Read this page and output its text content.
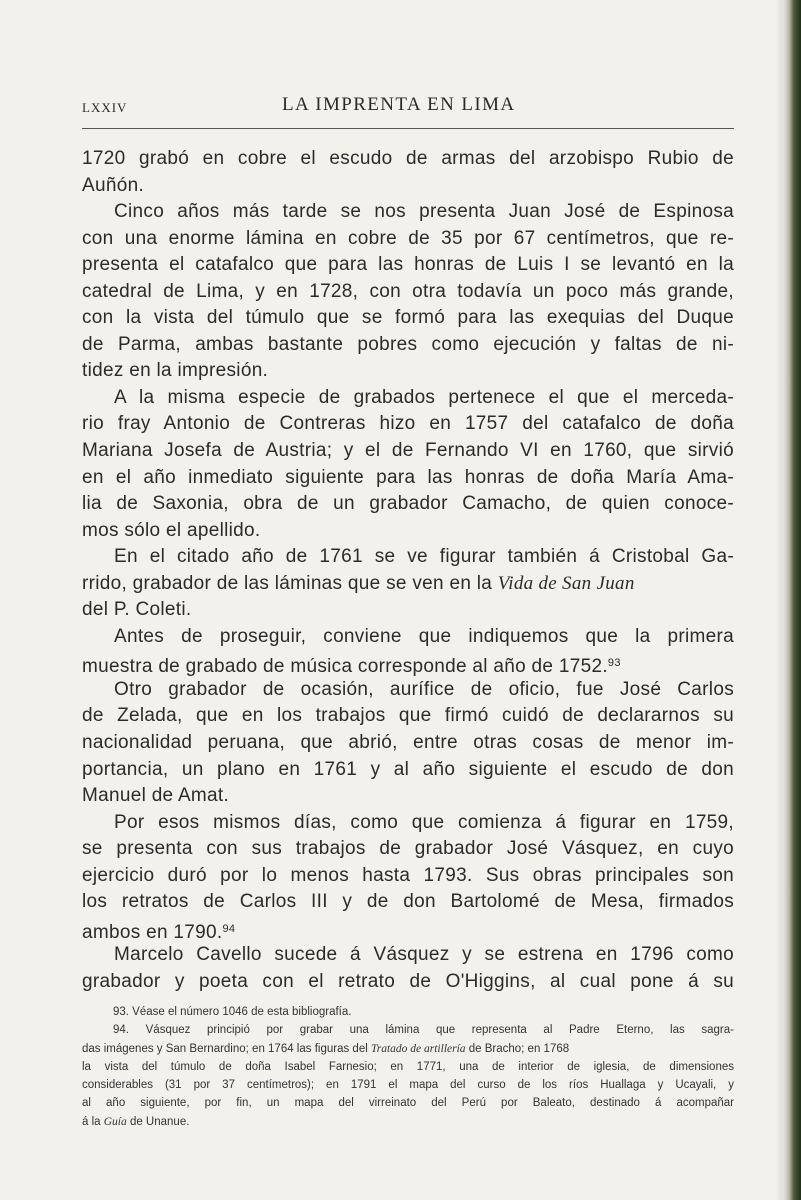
LXXIV	LA IMPRENTA EN LIMA
1720 grabó en cobre el escudo de armas del arzobispo Rubio de
Auñón.
Cinco años más tarde se nos presenta Juan José de Espinosa
con una enorme lámina en cobre de 35 por 67 centímetros, que re-
presenta el catafalco que para las honras de Luis I se levantó en la
catedral de Lima, y en 1728, con otra todavía un poco más grande,
con la vista del túmulo que se formó para las exequias del Duque
de Parma, ambas bastante pobres como ejecución y faltas de ni-
tidez en la impresión.
A la misma especie de grabados pertenece el que el merceda-
rio fray Antonio de Contreras hizo en 1757 del catafalco de doña
Mariana Josefa de Austria; y el de Fernando VI en 1760, que sirvió
en el año inmediato siguiente para las honras de doña María Ama-
lia de Saxonia, obra de un grabador Camacho, de quien conoce-
mos sólo el apellido.
En el citado año de 1761 se ve figurar también á Cristobal Ga-
rrido, grabador de las láminas que se ven en la Vida de San Juan
del P. Coleti.
Antes de proseguir, conviene que indiquemos que la primera
muestra de grabado de música corresponde al año de 1752.93
Otro grabador de ocasión, aurífice de oficio, fue José Carlos
de Zelada, que en los trabajos que firmó cuidó de declararnos su
nacionalidad peruana, que abrió, entre otras cosas de menor im-
portancia, un plano en 1761 y al año siguiente el escudo de don
Manuel de Amat.
Por esos mismos días, como que comienza á figurar en 1759,
se presenta con sus trabajos de grabador José Vásquez, en cuyo
ejercicio duró por lo menos hasta 1793. Sus obras principales son
los retratos de Carlos III y de don Bartolomé de Mesa, firmados
ambos en 1790.94
Marcelo Cavello sucede á Vásquez y se estrena en 1796 como
grabador y poeta con el retrato de O'Higgins, al cual pone á su
93. Véase el número 1046 de esta bibliografía.
94. Vásquez principió por grabar una lámina que representa al Padre Eterno, las sagra-
das imágenes y San Bernardino; en 1764 las figuras del Tratado de artillería de Bracho; en 1768
la vista del túmulo de doña Isabel Farnesio; en 1771, una de interior de iglesia, de dimensiones
considerables (31 por 37 centímetros); en 1791 el mapa del curso de los ríos Huallaga y Ucayali, y
al año siguiente, por fin, un mapa del virreinato del Perú por Baleato, destinado á acompañar
á la Guía de Unanue.
